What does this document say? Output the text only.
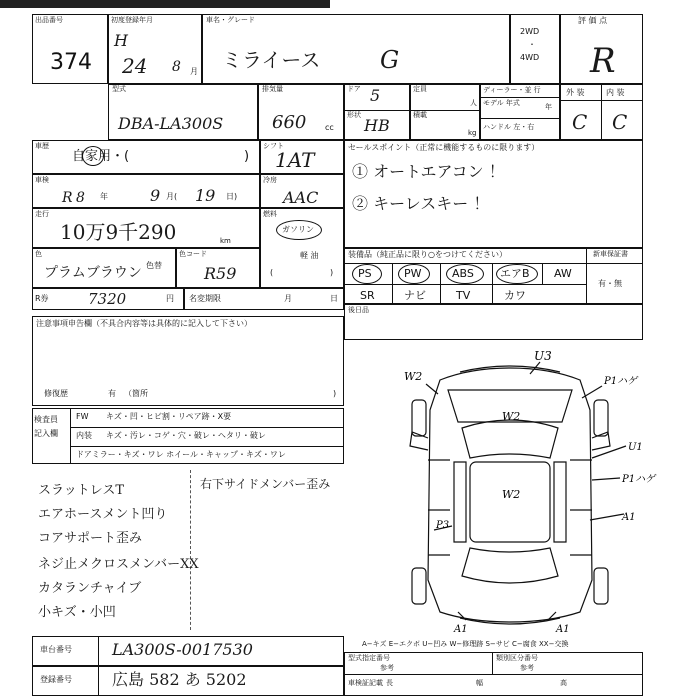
出品番号
374
初度登録年月
H
24 8 月
車名・グレード
ミライース G
2WD
・
4WD
評 価 点
R
型式
DBA-LA300S
排気量
660 cc
ドア 5
形状
HB
定員
人
積載
kg
ディーラー・並 行
モデル 年式	年
ハンドル 左・右
外 装	内 装
C C
車歴
自家用・(	)
シフト
1AT
車検
R 8 年	9 月( 19 日)
冷房
AAC
走行
10万9千290	km
燃料
ガソリン
軽 油
(	)
色
プラムブラウン 色替
色コード
R59
R券	7320	円 名変期限	月	日
セールスポイント（正常に機能するものに限ります）
① オートエアコン ！
② キーレスキー ！
装備品（純正品に限り○をつけてください）	新車保証書
有・無
PS	PW	ABS エアB AW
SR	ナビ	TV	カワ
後日品
注意事項申告欄（不具合内容等は具体的に記入して下さい）
修復歴	有 （箇所	)
検査員
記入欄
FW キズ・凹・ヒビ割・リペア跡・X要
内装 キズ・汚レ・コゲ・穴・破レ・ヘタリ・破レ
ドアミラー・キズ・ワレ ホイール・キャップ・キズ・ワレ
右下サイドメンバー歪み
スラットレスT
エアホースメント凹り
コアサポート歪み
ネジ止メクロスメンバーXX
カタランチャイブ
小キズ・小凹
U3
W2	P1ハゲ
W2
U1
P1ハゲ
W2
P3
A1
A1	A1
A−キズ E−エクボ U−凹み W−修理跡 S−サビ C−腐食 XX−交換
車台番号	LA300S-0017530
登録番号	広島 582 あ 5202
型式指定番号
参考
類別区分番号
参考
車検証記載 長	幅	高
